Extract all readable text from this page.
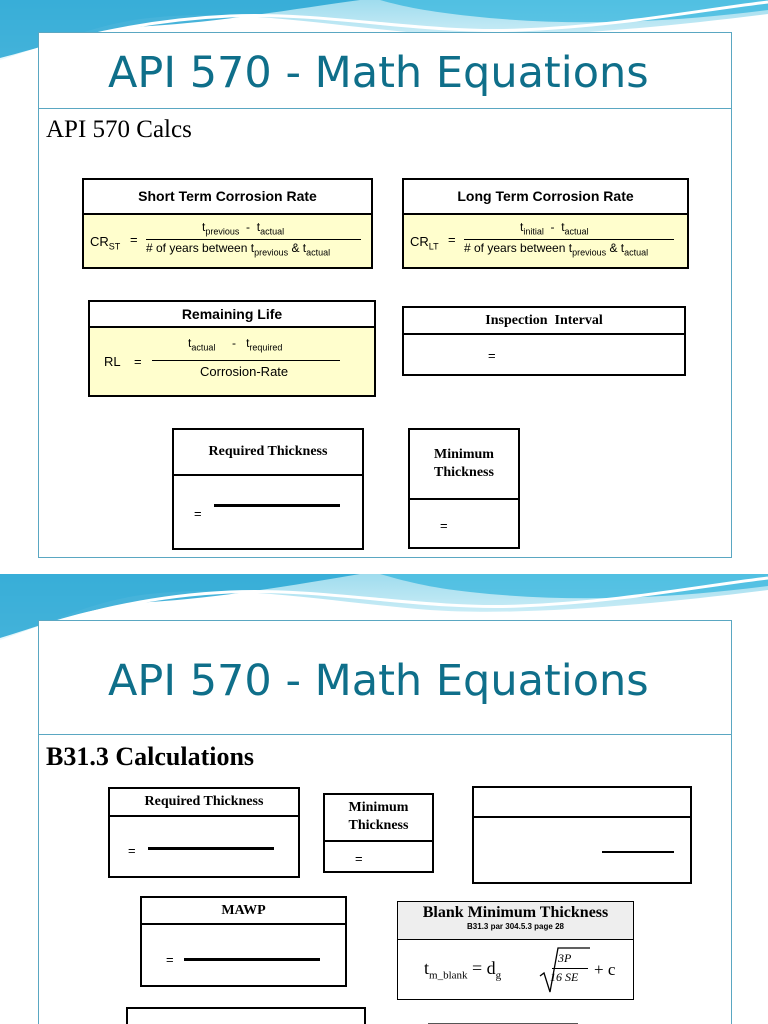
API 570 - Math Equations
API 570 Calcs
Short Term Corrosion Rate
$CR_{ST}$ =
$t_{previous} - t_{actual}$
# of years between $t_{previous}$ & $t_{actual}$
Long Term Corrosion Rate
$CR_{LT}$ =
$t_{initial} - t_{actual}$
# of years between $t_{previous}$ & $t_{actual}$
Remaining Life
RL =
$t_{actual} - t_{required}$
Corrosion-Rate
Inspection  Interval
=
Required Thickness
=
Minimum
Thickness
=
API 570 - Math Equations
B31.3 Calculations
Required Thickness
=
Minimum
Thickness
=
MAWP
=
Blank Minimum Thickness
B31.3 par 304.5.3 page 28
$t_{m\_blank} = d_g$
3P
16 SE + c
